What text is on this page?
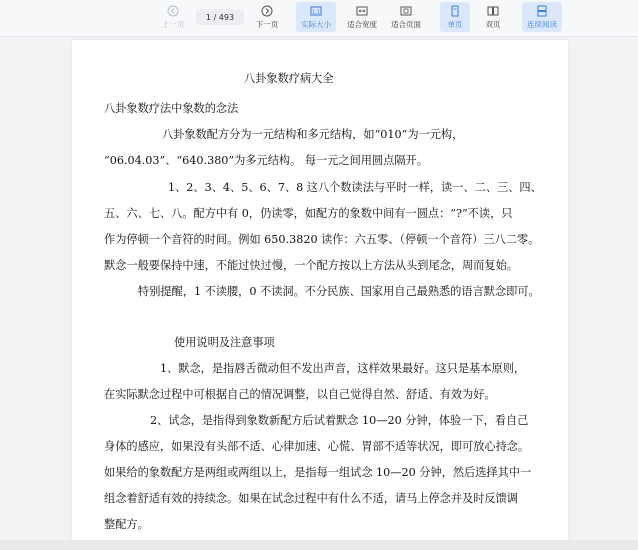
上一页
1
/ 493
下一页
1:1
实际大小 适合宽度 适合页面	单页	双页	连续阅读
八卦象数疗病大全
八卦象数疗法中象数的念法
八卦象数配方分为一元结构和多元结构，如“010”为一元构，
“06.04.03”、“640.380”为多元结构。 每一元之间用圆点隔开。
1、2、3、4、5、6、7、8 这八个数读法与平时一样，读一、二、三、四、
五、六、七、八。配方中有 0，仍读零，如配方的象数中间有一圆点：“?”不读，只
作为停顿一个音符的时间。例如 650.3820 读作：六五零、（停顿一个音符）三八二零。
默念一般要保持中速，不能过快过慢，一个配方按以上方法从头到尾念，周而复始。
特别提醒，1 不读腰，0 不读洞。不分民族、国家用自己最熟悉的语言默念即可。
使用说明及注意事项
1、默念，是指唇舌微动但不发出声音，这样效果最好。这只是基本原则，
在实际默念过程中可根据自己的情况调整，以自己觉得自然、舒适、有效为好。
2、试念，是指得到象数新配方后试着默念 10—20 分钟，体验一下，看自己
身体的感应，如果没有头部不适、心律加速、心慌、胃部不适等状况，即可放心持念。
如果给的象数配方是两组或两组以上，是指每一组试念 10—20 分钟，然后选择其中一
组念着舒适有效的持续念。如果在试念过程中有什么不适，请马上停念并及时反馈调
整配方。
